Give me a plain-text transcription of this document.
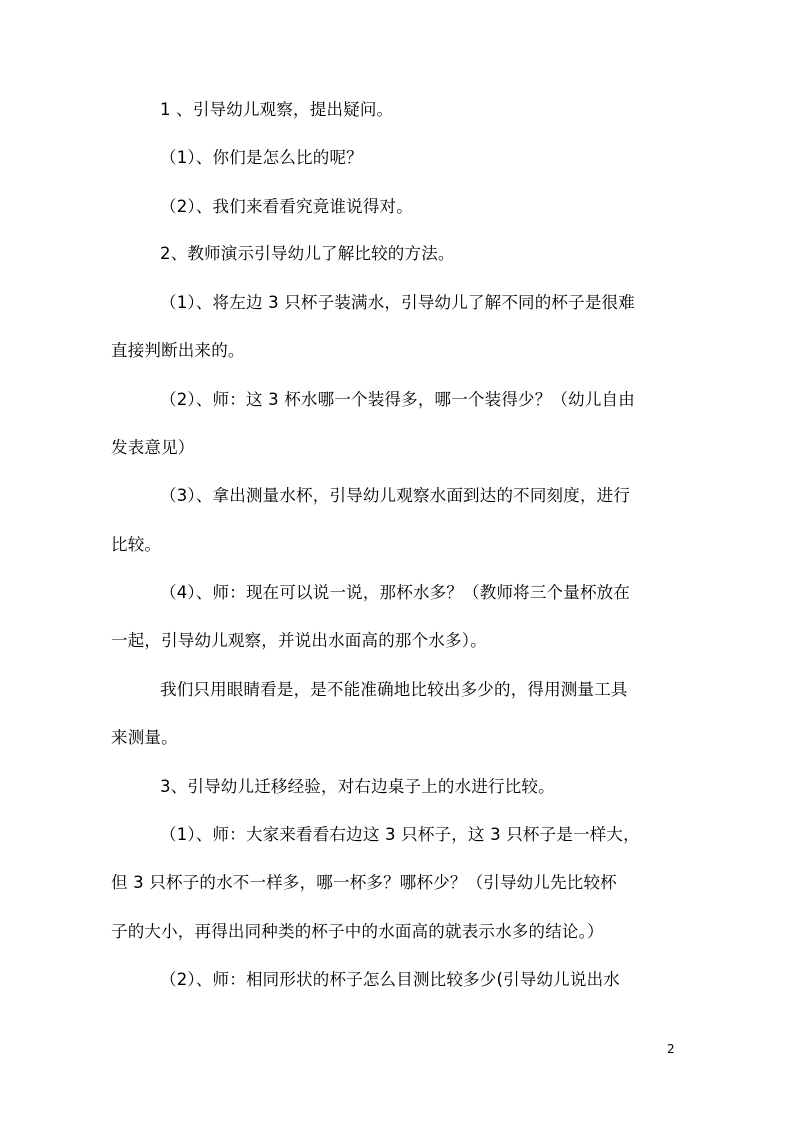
1 、引导幼儿观察，提出疑问。
（1）、你们是怎么比的呢？
（2）、我们来看看究竟谁说得对。
2、教师演示引导幼儿了解比较的方法。
（1）、将左边 3 只杯子装满水，引导幼儿了解不同的杯子是很难
直接判断出来的。
（2）、师：这 3 杯水哪一个装得多，哪一个装得少？（幼儿自由
发表意见）
（3）、拿出测量水杯，引导幼儿观察水面到达的不同刻度，进行
比较。
（4）、师：现在可以说一说，那杯水多？（教师将三个量杯放在
一起，引导幼儿观察，并说出水面高的那个水多）。
我们只用眼睛看是，是不能准确地比较出多少的，得用测量工具
来测量。
3、引导幼儿迁移经验，对右边桌子上的水进行比较。
（1）、师：大家来看看右边这 3 只杯子，这 3 只杯子是一样大，
但 3 只杯子的水不一样多，哪一杯多？哪杯少？（引导幼儿先比较杯
子的大小，再得出同种类的杯子中的水面高的就表示水多的结论。）
（2）、师：相同形状的杯子怎么目测比较多少(引导幼儿说出水
2
